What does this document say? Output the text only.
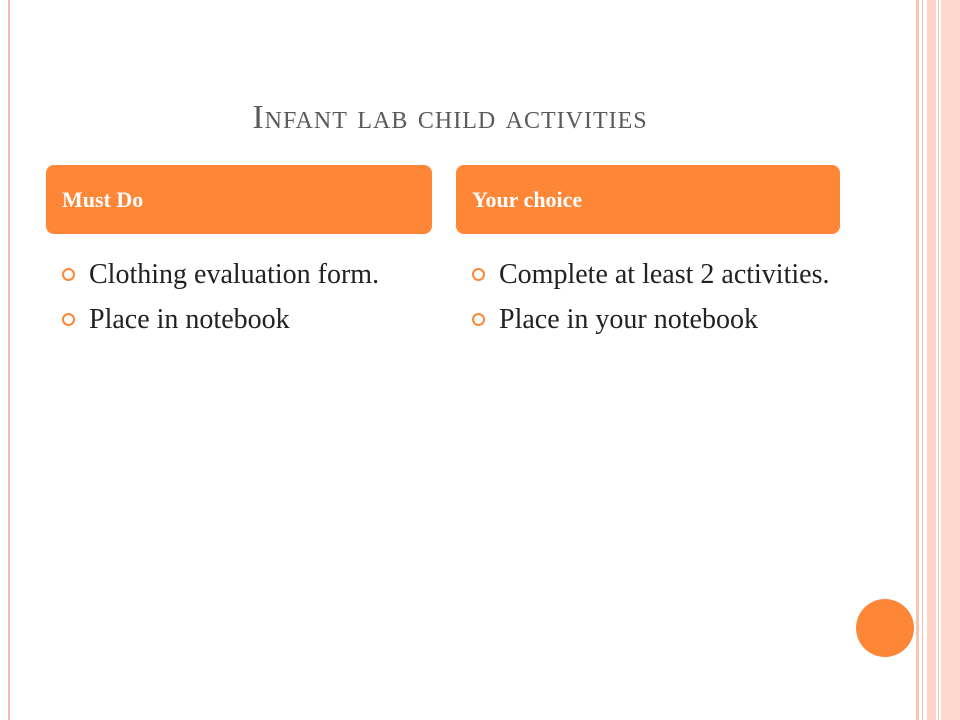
Infant lab child activities
Must Do	Your choice
Clothing evaluation form.
Place in notebook
Complete at least 2 activities.
Place in your notebook
